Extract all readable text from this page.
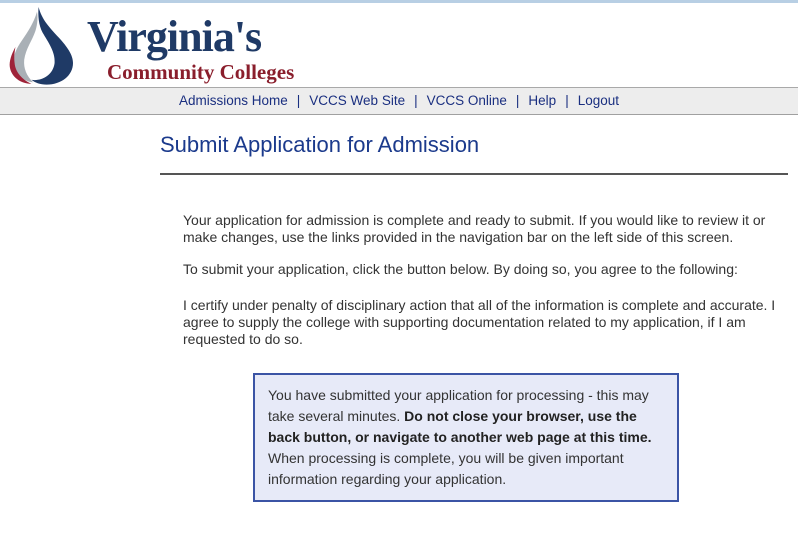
Virginia's
Community Colleges
Admissions Home | VCCS Web Site | VCCS Online | Help | Logout
Submit Application for Admission

Your application for admission is complete and ready to submit. If you would like to review it or make changes, use the links provided in the navigation bar on the left side of this screen.

To submit your application, click the button below. By doing so, you agree to the following:

I certify under penalty of disciplinary action that all of the information is complete and accurate. I agree to supply the college with supporting documentation related to my application, if I am requested to do so.

You have submitted your application for processing - this may take several minutes. Do not close your browser, use the back button, or navigate to another web page at this time. When processing is complete, you will be given important information regarding your application.
